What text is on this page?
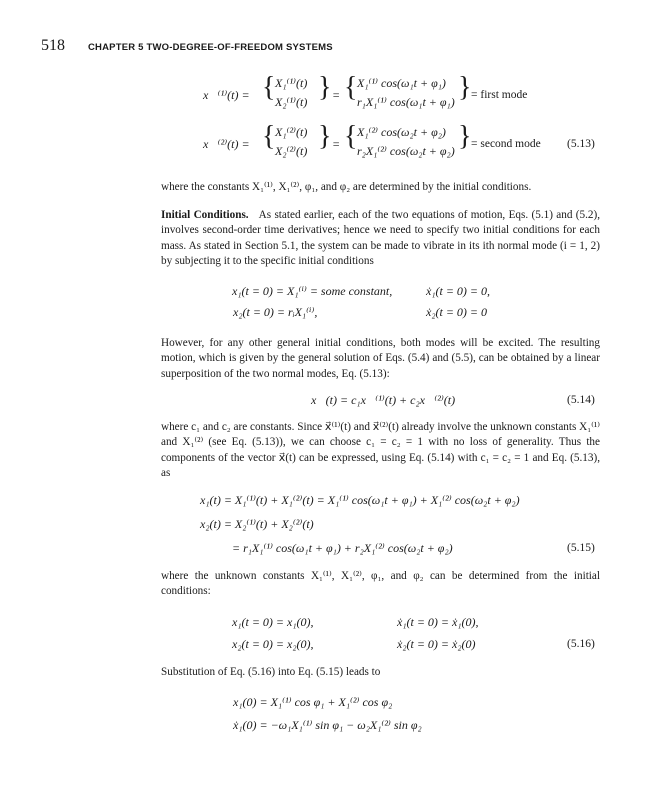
518 CHAPTER 5 TWO-DEGREE-OF-FREEDOM SYSTEMS
x⃗⁽¹⁾(t) = { X₁⁽¹⁾(t)
X₂⁽¹⁾(t) } = { X₁⁽¹⁾ cos(ω₁t + φ₁)
r₁X₁⁽¹⁾ cos(ω₁t + φ₁) } = first mode
x⃗⁽²⁾(t) = { X₁⁽²⁾(t)
X₂⁽²⁾(t) } = { X₁⁽²⁾ cos(ω₂t + φ₂)
r₂X₁⁽²⁾ cos(ω₂t + φ₂) } = second mode (5.13)
where the constants X₁⁽¹⁾, X₁⁽²⁾, φ₁, and φ₂ are determined by the initial conditions.
Initial Conditions. As stated earlier, each of the two equations of motion, Eqs. (5.1) and (5.2), involves second-order time derivatives; hence we need to specify two initial conditions for each mass. As stated in Section 5.1, the system can be made to vibrate in its ith normal mode (i = 1, 2) by subjecting it to the specific initial conditions
x₁(t = 0) = X₁⁽ⁱ⁾ = some constant,	ẋ₁(t = 0) = 0,
x₂(t = 0) = rᵢX₁⁽ⁱ⁾,	ẋ₂(t = 0) = 0
However, for any other general initial conditions, both modes will be excited. The resulting motion, which is given by the general solution of Eqs. (5.4) and (5.5), can be obtained by a linear superposition of the two normal modes, Eq. (5.13):
x⃗(t) = c₁x⃗⁽¹⁾(t) + c₂x⃗⁽²⁾(t)	(5.14)
where c₁ and c₂ are constants. Since x⃗⁽¹⁾(t) and x⃗⁽²⁾(t) already involve the unknown constants X₁⁽¹⁾ and X₁⁽²⁾ (see Eq. (5.13)), we can choose c₁ = c₂ = 1 with no loss of generality. Thus the components of the vector x⃗(t) can be expressed, using Eq. (5.14) with c₁ = c₂ = 1 and Eq. (5.13), as
x₁(t) = X₁⁽¹⁾(t) + X₁⁽²⁾(t) = X₁⁽¹⁾ cos(ω₁t + φ₁) + X₁⁽²⁾ cos(ω₂t + φ₂)
x₂(t) = X₂⁽¹⁾(t) + X₂⁽²⁾(t)
= r₁X₁⁽¹⁾ cos(ω₁t + φ₁) + r₂X₁⁽²⁾ cos(ω₂t + φ₂)	(5.15)
where the unknown constants X₁⁽¹⁾, X₁⁽²⁾, φ₁, and φ₂ can be determined from the initial conditions:
x₁(t = 0) = x₁(0),	ẋ₁(t = 0) = ẋ₁(0),
x₂(t = 0) = x₂(0),	ẋ₂(t = 0) = ẋ₂(0)	(5.16)
Substitution of Eq. (5.16) into Eq. (5.15) leads to
x₁(0) = X₁⁽¹⁾ cos φ₁ + X₁⁽²⁾ cos φ₂
ẋ₁(0) = −ω₁X₁⁽¹⁾ sin φ₁ − ω₂X₁⁽²⁾ sin φ₂
